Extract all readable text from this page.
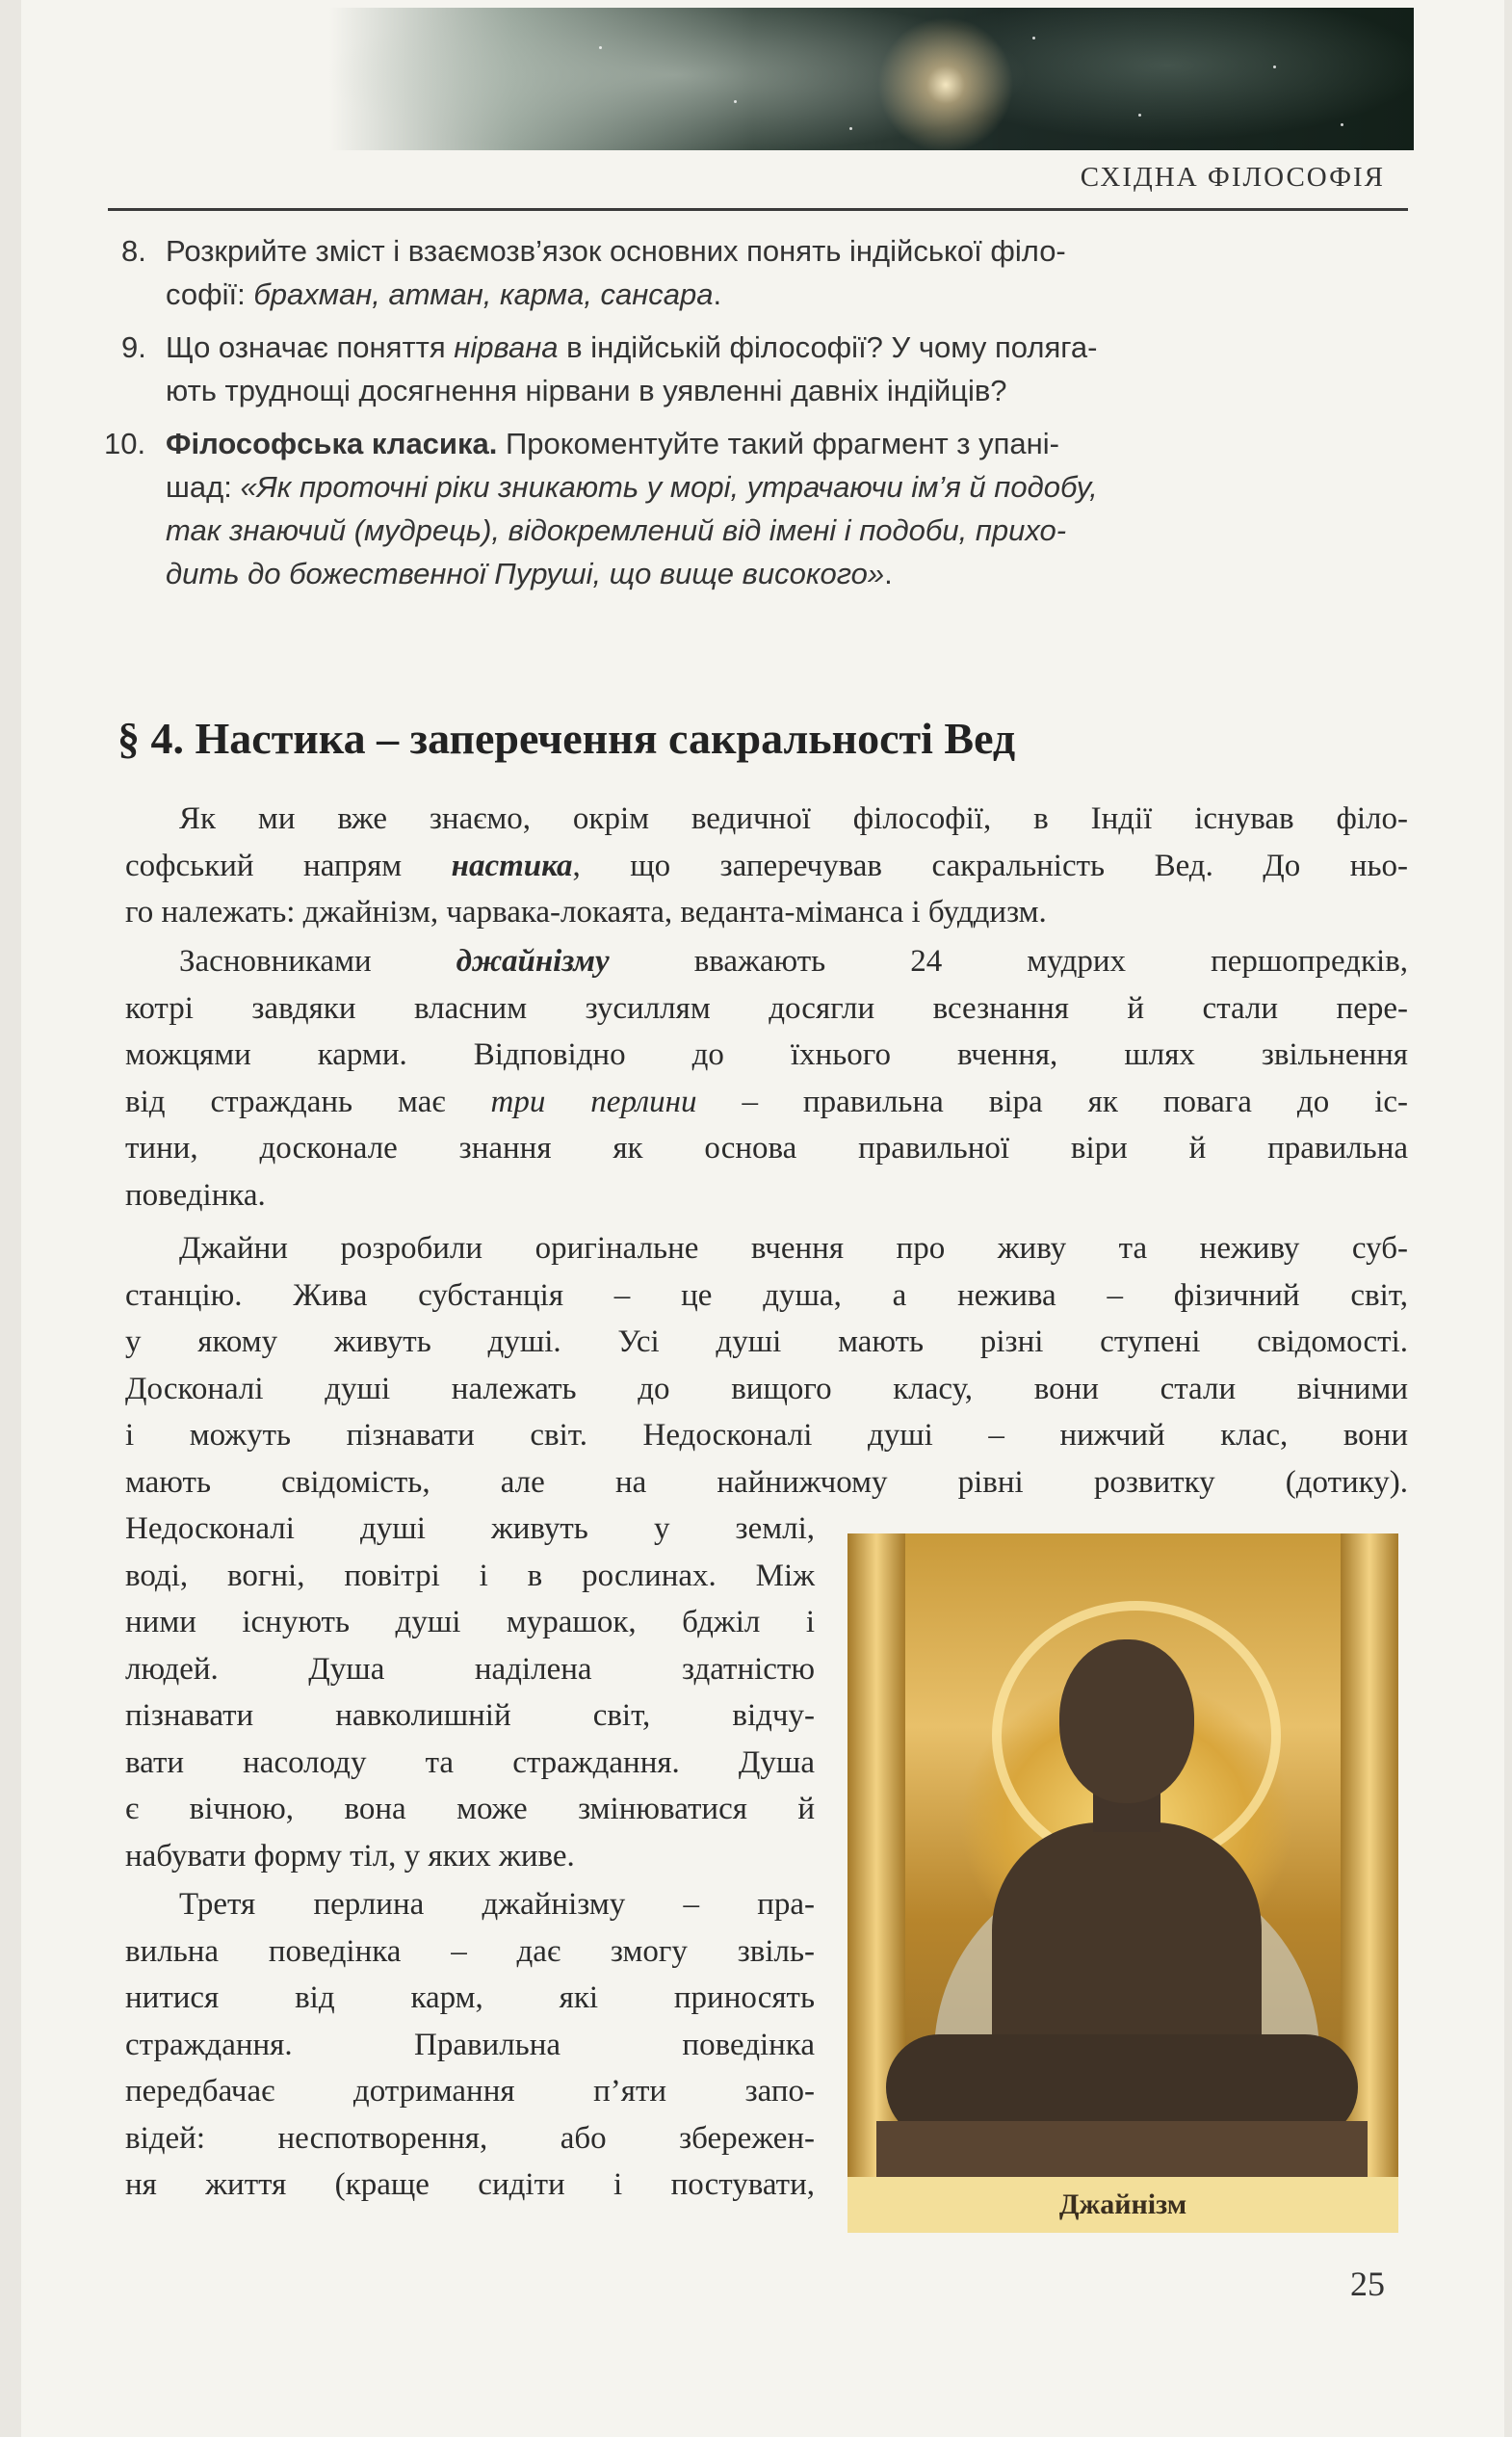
СХІДНА ФІЛОСОФІЯ
8. Розкрийте зміст і взаємозв’язок основних понять індійської філо-
софії: брахман, атман, карма, сансара.
9. Що означає поняття нірвана в індійській філософії? У чому поляга-
ють труднощі досягнення нірвани в уявленні давніх індійців?
10. Філософська класика. Прокоментуйте такий фрагмент з упані-
шад: «Як проточні ріки зникають у морі, утрачаючи ім’я й подобу,
так знаючий (мудрець), відокремлений від імені і подоби, прихо-
дить до божественної Пуруші, що вище високого».
§ 4. Настика – заперечення сакральності Вед
Як ми вже знаємо, окрім ведичної філософії, в Індії існував філо-
софський напрям настика, що заперечував сакральність Вед. До ньо-
го належать: джайнізм, чарвака-локаята, веданта-міманса і буддизм.
Засновниками джайнізму вважають 24 мудрих першопредків,
котрі завдяки власним зусиллям досягли всезнання й стали пере-
можцями карми. Відповідно до їхнього вчення, шлях звільнення
від страждань має три перлини – правильна віра як повага до іс-
тини, досконале знання як основа правильної віри й правильна
поведінка.
Джайни розробили оригінальне вчення про живу та неживу суб-
станцію. Жива субстанція – це душа, а нежива – фізичний світ,
у якому живуть душі. Усі душі мають різні ступені свідомості.
Досконалі душі належать до вищого класу, вони стали вічними
і можуть пізнавати світ. Недосконалі душі – нижчий клас, вони
мають свідомість, але на найнижчому рівні розвитку (дотику).
Недосконалі душі живуть у землі,
воді, вогні, повітрі і в рослинах. Між
ними існують душі мурашок, бджіл і
людей. Душа наділена здатністю
пізнавати навколишній світ, відчу-
вати насолоду та страждання. Душа
є вічною, вона може змінюватися й
набувати форму тіл, у яких живе.
Третя перлина джайнізму – пра-
вильна поведінка – дає змогу звіль-
нитися від карм, які приносять
страждання. Правильна поведінка
передбачає дотримання п’яти запо-
відей: неспотворення, або збережен-
ня життя (краще сидіти і постувати,
Джайнізм
25
